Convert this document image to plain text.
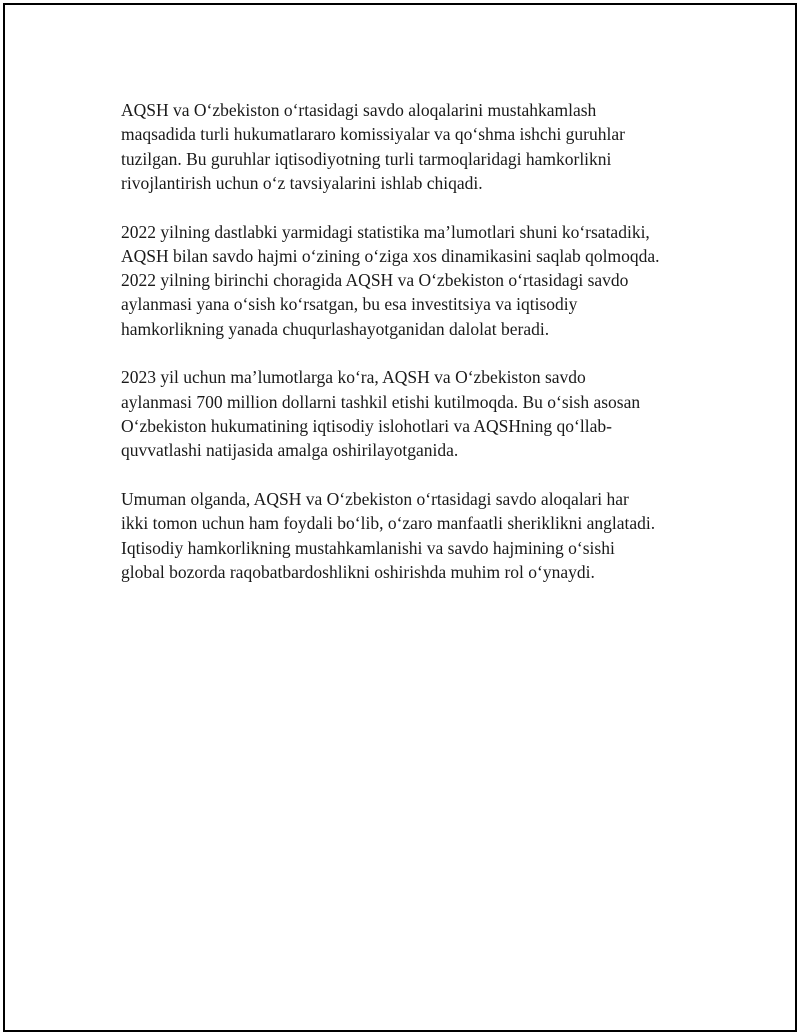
AQSH va O‘zbekiston o‘rtasidagi savdo aloqalarini mustahkamlash
maqsadida turli hukumatlararo komissiyalar va qo‘shma ishchi guruhlar
tuzilgan. Bu guruhlar iqtisodiyotning turli tarmoqlaridagi hamkorlikni
rivojlantirish uchun o‘z tavsiyalarini ishlab chiqadi.

2022 yilning dastlabki yarmidagi statistika ma’lumotlari shuni ko‘rsatadiki,
AQSH bilan savdo hajmi o‘zining o‘ziga xos dinamikasini saqlab qolmoqda.
2022 yilning birinchi choragida AQSH va O‘zbekiston o‘rtasidagi savdo
aylanmasi yana o‘sish ko‘rsatgan, bu esa investitsiya va iqtisodiy
hamkorlikning yanada chuqurlashayotganidan dalolat beradi.

2023 yil uchun ma’lumotlarga ko‘ra, AQSH va O‘zbekiston savdo
aylanmasi 700 million dollarni tashkil etishi kutilmoqda. Bu o‘sish asosan
O‘zbekiston hukumatining iqtisodiy islohotlari va AQSHning qo‘llab-
quvvatlashi natijasida amalga oshirilayotganida.

Umuman olganda, AQSH va O‘zbekiston o‘rtasidagi savdo aloqalari har
ikki tomon uchun ham foydali bo‘lib, o‘zaro manfaatli sheriklikni anglatadi.
Iqtisodiy hamkorlikning mustahkamlanishi va savdo hajmining o‘sishi
global bozorda raqobatbardoshlikni oshirishda muhim rol o‘ynaydi.
